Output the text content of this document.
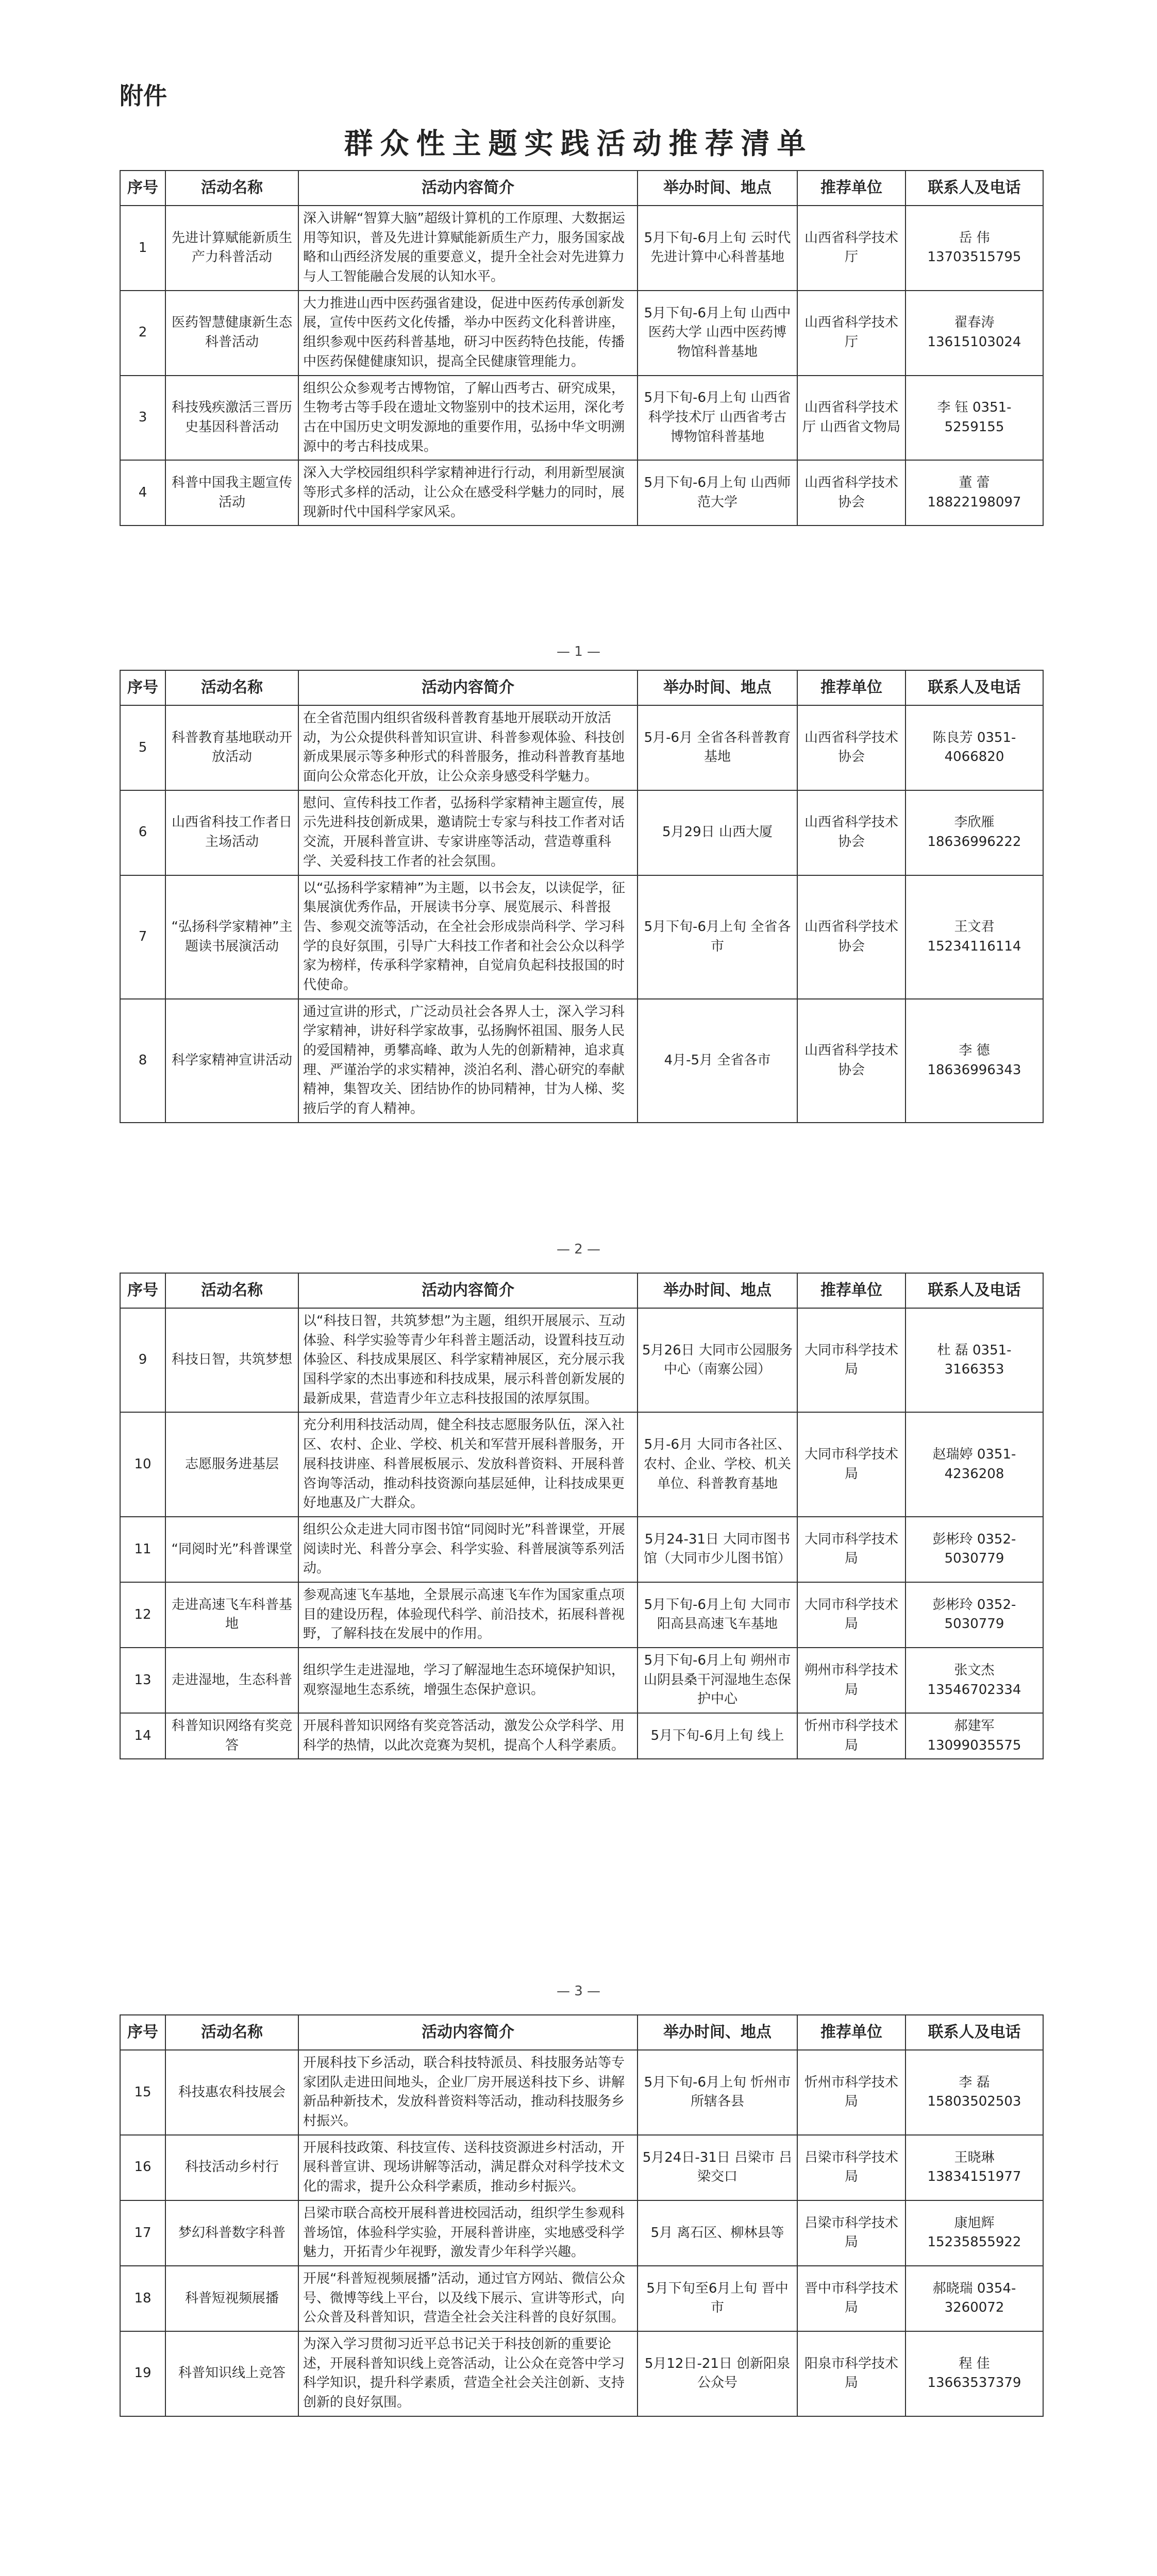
附件
群众性主题实践活动推荐清单
序号	活动名称	活动内容简介	举办时间、地点	推荐单位	联系人及电话
1	先进计算赋能新质生产力科普活动	深入讲解“智算大脑”超级计算机的工作原理、大数据运用等知识，普及先进计算赋能新质生产力，服务国家战略和山西经济发展的重要意义，提升全社会对先进算力与人工智能融合发展的认知水平。	5月下旬-6月上旬 云时代先进计算中心科普基地	山西省科学技术厅	岳 伟 13703515795
2	医药智慧健康新生态科普活动	大力推进山西中医药强省建设，促进中医药传承创新发展，宣传中医药文化传播，举办中医药文化科普讲座，组织参观中医药科普基地，研习中医药特色技能，传播中医药保健健康知识，提高全民健康管理能力。	5月下旬-6月上旬 山西中医药大学 山西中医药博物馆科普基地	山西省科学技术厅	翟春涛 13615103024
3	科技残疾激活三晋历史基因科普活动	组织公众参观考古博物馆，了解山西考古、研究成果，生物考古等手段在遗址文物鉴别中的技术运用，深化考古在中国历史文明发源地的重要作用，弘扬中华文明溯源中的考古科技成果。	5月下旬-6月上旬 山西省科学技术厅 山西省考古博物馆科普基地	山西省科学技术厅 山西省文物局	李 钰 0351-5259155
4	科普中国我主题宣传活动	深入大学校园组织科学家精神进行行动，利用新型展演等形式多样的活动，让公众在感受科学魅力的同时，展现新时代中国科学家风采。	5月下旬-6月上旬 山西师范大学	山西省科学技术协会	董 蕾 18822198097
序号	活动名称	活动内容简介	举办时间、地点	推荐单位	联系人及电话
5	科普教育基地联动开放活动	在全省范围内组织省级科普教育基地开展联动开放活动，为公众提供科普知识宣讲、科普参观体验、科技创新成果展示等多种形式的科普服务，推动科普教育基地面向公众常态化开放，让公众亲身感受科学魅力。	5月-6月 全省各科普教育基地	山西省科学技术协会	陈良芳 0351-4066820
6	山西省科技工作者日主场活动	慰问、宣传科技工作者，弘扬科学家精神主题宣传，展示先进科技创新成果，邀请院士专家与科技工作者对话交流，开展科普宣讲、专家讲座等活动，营造尊重科学、关爱科技工作者的社会氛围。	5月29日 山西大厦	山西省科学技术协会	李欣雁 18636996222
7	“弘扬科学家精神”主题读书展演活动	以“弘扬科学家精神”为主题，以书会友，以读促学，征集展演优秀作品，开展读书分享、展览展示、科普报告、参观交流等活动，在全社会形成崇尚科学、学习科学的良好氛围，引导广大科技工作者和社会公众以科学家为榜样，传承科学家精神，自觉肩负起科技报国的时代使命。	5月下旬-6月上旬 全省各市	山西省科学技术协会	王文君 15234116114
8	科学家精神宣讲活动	通过宣讲的形式，广泛动员社会各界人士，深入学习科学家精神，讲好科学家故事，弘扬胸怀祖国、服务人民的爱国精神，勇攀高峰、敢为人先的创新精神，追求真理、严谨治学的求实精神，淡泊名利、潜心研究的奉献精神，集智攻关、团结协作的协同精神，甘为人梯、奖掖后学的育人精神。	4月-5月 全省各市	山西省科学技术协会	李 德 18636996343
序号	活动名称	活动内容简介	举办时间、地点	推荐单位	联系人及电话
9	科技日智，共筑梦想	以“科技日智，共筑梦想”为主题，组织开展展示、互动体验、科学实验等青少年科普主题活动，设置科技互动体验区、科技成果展区、科学家精神展区，充分展示我国科学家的杰出事迹和科技成果，展示科普创新发展的最新成果，营造青少年立志科技报国的浓厚氛围。	5月26日 大同市公园服务中心（南寨公园）	大同市科学技术局	杜 磊 0351-3166353
10	志愿服务进基层	充分利用科技活动周，健全科技志愿服务队伍，深入社区、农村、企业、学校、机关和军营开展科普服务，开展科技讲座、科普展板展示、发放科普资料、开展科普咨询等活动，推动科技资源向基层延伸，让科技成果更好地惠及广大群众。	5月-6月 大同市各社区、农村、企业、学校、机关单位、科普教育基地	大同市科学技术局	赵瑞婷 0351-4236208
11	“同阅时光”科普课堂	组织公众走进大同市图书馆“同阅时光”科普课堂，开展阅读时光、科普分享会、科学实验、科普展演等系列活动。	5月24-31日 大同市图书馆（大同市少儿图书馆）	大同市科学技术局	彭彬玲 0352-5030779
12	走进高速飞车科普基地	参观高速飞车基地，全景展示高速飞车作为国家重点项目的建设历程，体验现代科学、前沿技术，拓展科普视野，了解科技在发展中的作用。	5月下旬-6月上旬 大同市阳高县高速飞车基地	大同市科学技术局	彭彬玲 0352-5030779
13	走进湿地，生态科普	组织学生走进湿地，学习了解湿地生态环境保护知识，观察湿地生态系统，增强生态保护意识。	5月下旬-6月上旬 朔州市山阴县桑干河湿地生态保护中心	朔州市科学技术局	张文杰 13546702334
14	科普知识网络有奖竞答	开展科普知识网络有奖竞答活动，激发公众学科学、用科学的热情，以此次竞赛为契机，提高个人科学素质。	5月下旬-6月上旬 线上	忻州市科学技术局	郝建军 13099035575
序号	活动名称	活动内容简介	举办时间、地点	推荐单位	联系人及电话
15	科技惠农科技展会	开展科技下乡活动，联合科技特派员、科技服务站等专家团队走进田间地头，企业厂房开展送科技下乡、讲解新品种新技术，发放科普资料等活动，推动科技服务乡村振兴。	5月下旬-6月上旬 忻州市所辖各县	忻州市科学技术局	李 磊 15803502503
16	科技活动乡村行	开展科技政策、科技宣传、送科技资源进乡村活动，开展科普宣讲、现场讲解等活动，满足群众对科学技术文化的需求，提升公众科学素质，推动乡村振兴。	5月24日-31日 吕梁市 吕梁交口	吕梁市科学技术局	王晓琳 13834151977
17	梦幻科普数字科普	吕梁市联合高校开展科普进校园活动，组织学生参观科普场馆，体验科学实验，开展科普讲座，实地感受科学魅力，开拓青少年视野，激发青少年科学兴趣。	5月 离石区、柳林县等	吕梁市科学技术局	康旭辉 15235855922
18	科普短视频展播	开展“科普短视频展播”活动，通过官方网站、微信公众号、微博等线上平台，以及线下展示、宣讲等形式，向公众普及科普知识，营造全社会关注科普的良好氛围。	5月下旬至6月上旬 晋中市	晋中市科学技术局	郝晓瑞 0354-3260072
19	科普知识线上竞答	为深入学习贯彻习近平总书记关于科技创新的重要论述，开展科普知识线上竞答活动，让公众在竞答中学习科学知识，提升科学素质，营造全社会关注创新、支持创新的良好氛围。	5月12日-21日 创新阳泉公众号	阳泉市科学技术局	程 佳 13663537379

— 1 —
— 2 —
— 3 —
